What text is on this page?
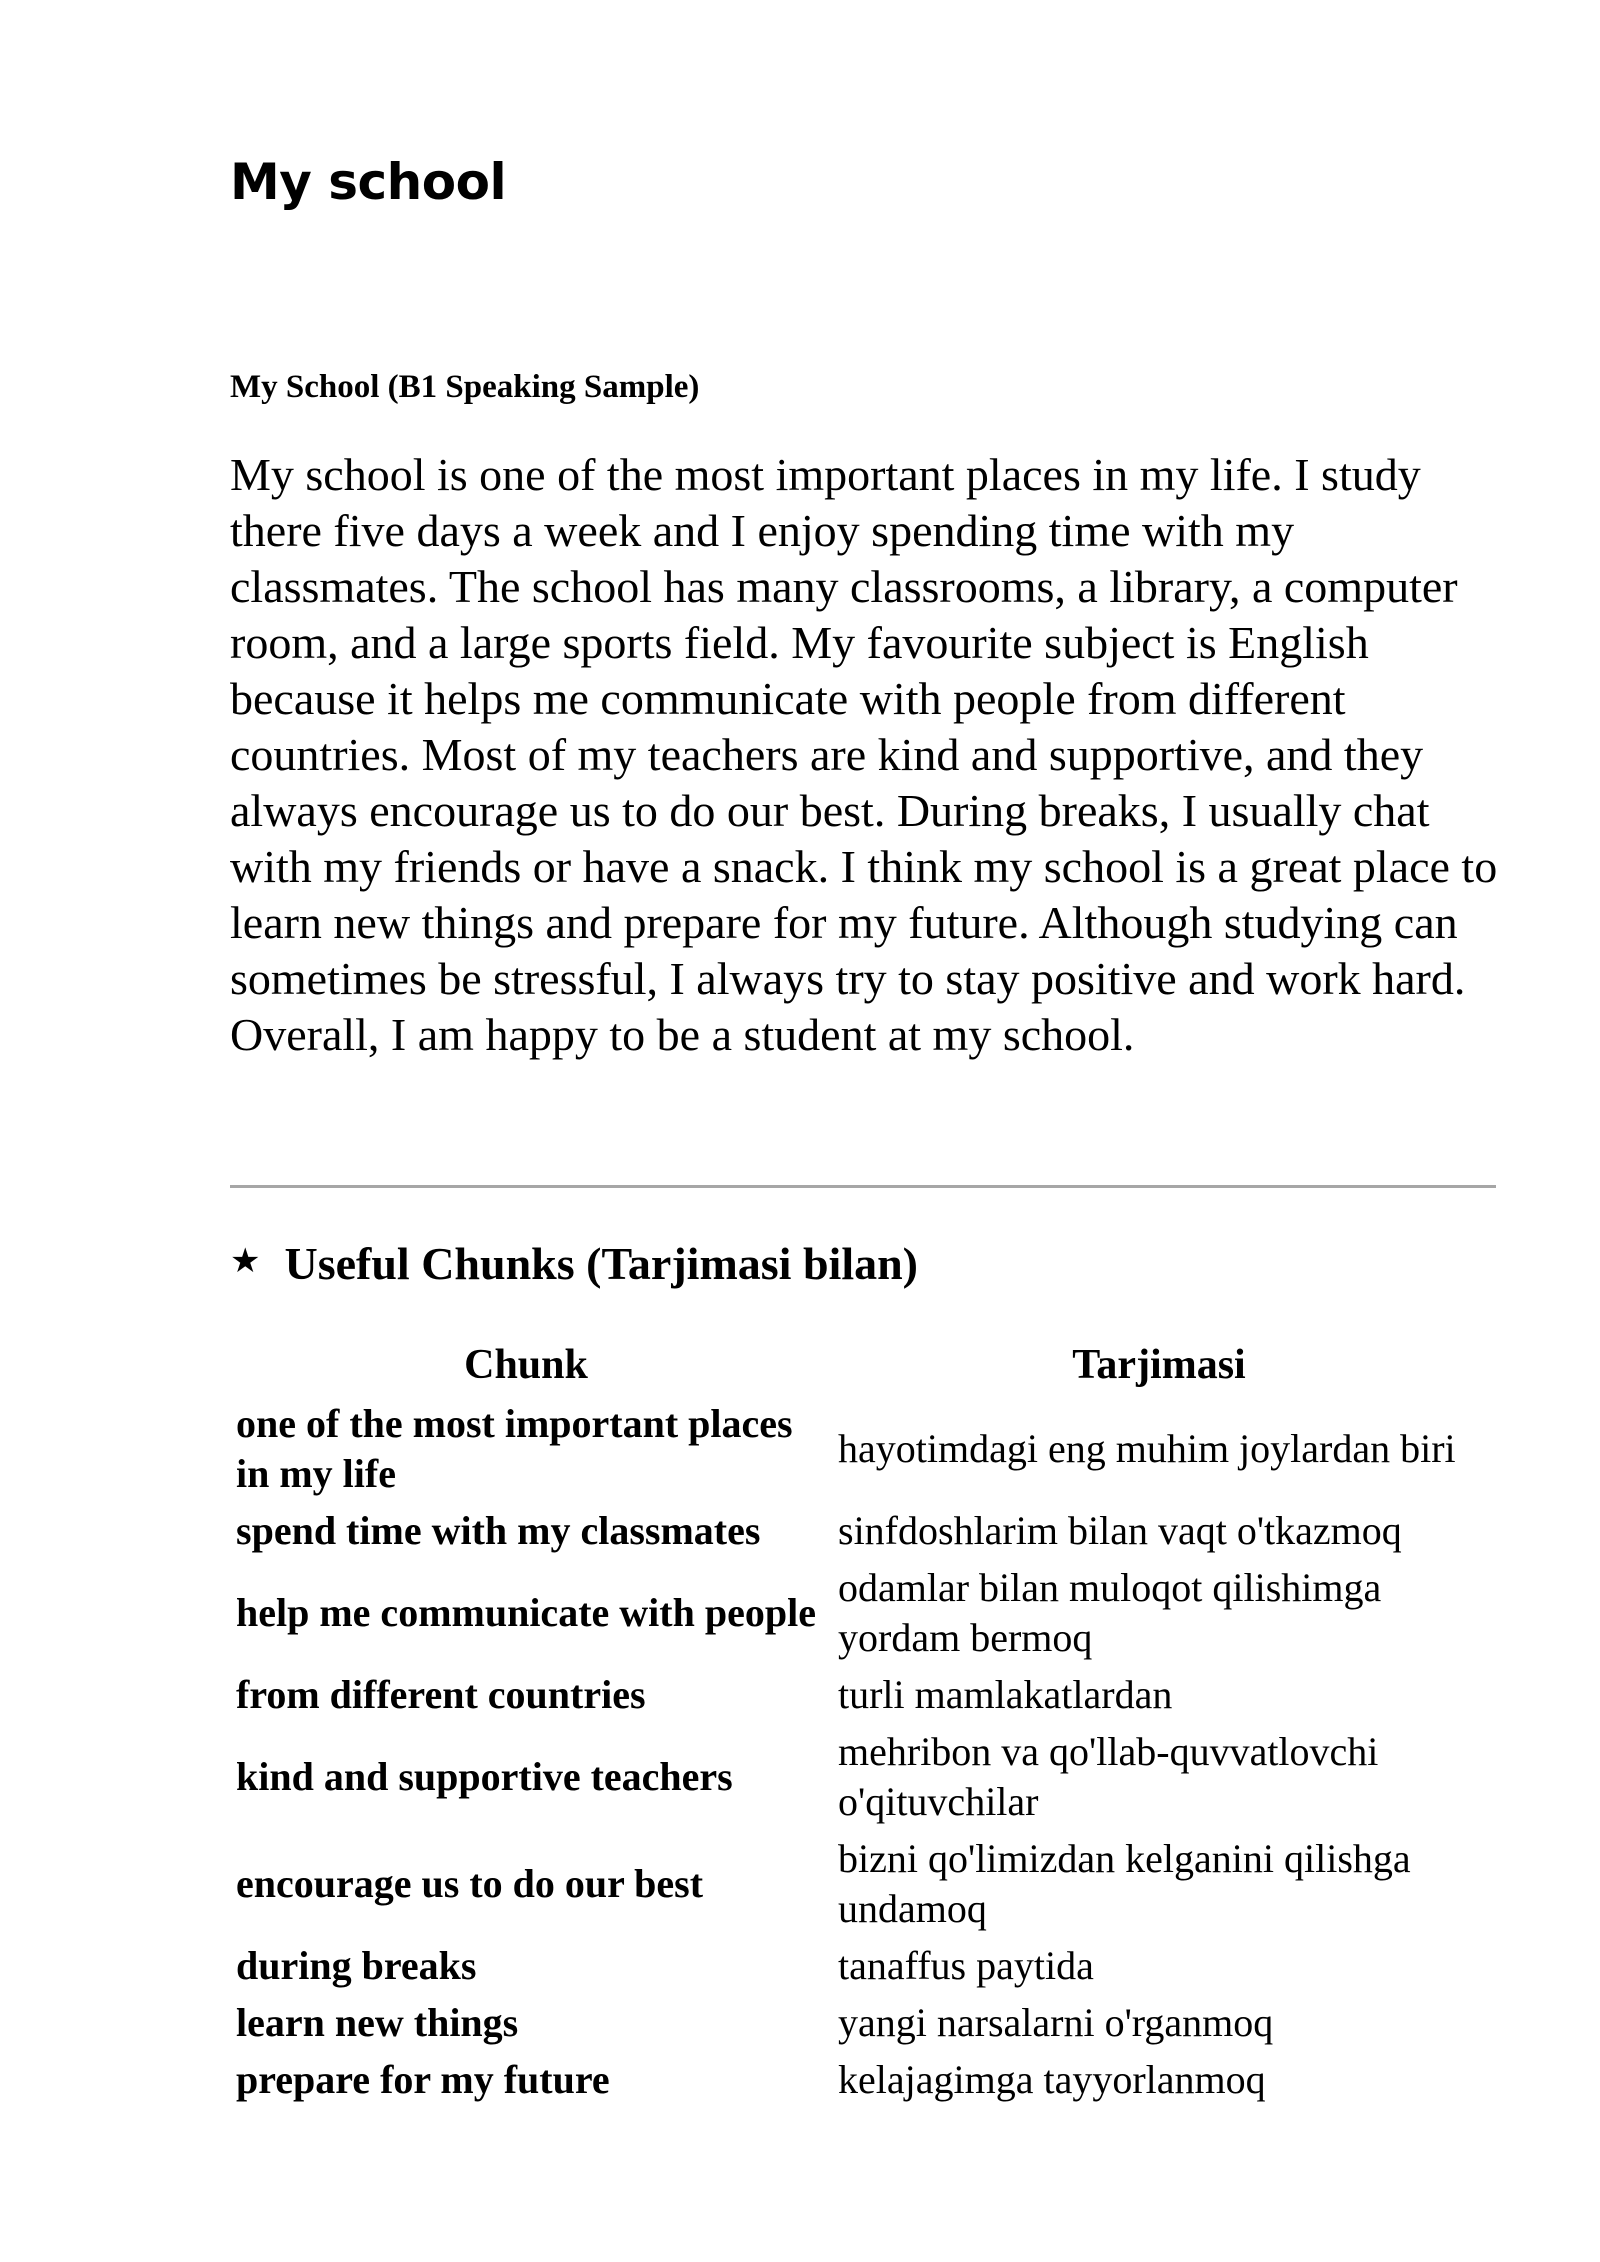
My school
My School (B1 Speaking Sample)

My school is one of the most important places in my life. I study there five days a week and I enjoy spending time with my classmates. The school has many classrooms, a library, a computer room, and a large sports field. My favourite subject is English because it helps me communicate with people from different countries. Most of my teachers are kind and supportive, and they always encourage us to do our best. During breaks, I usually chat with my friends or have a snack. I think my school is a great place to learn new things and prepare for my future. Although studying can sometimes be stressful, I always try to stay positive and work hard. Overall, I am happy to be a student at my school.

★ Useful Chunks (Tarjimasi bilan)
Chunk	Tarjimasi
one of the most important places in my life	hayotimdagi eng muhim joylardan biri
spend time with my classmates	sinfdoshlarim bilan vaqt o'tkazmoq
help me communicate with people	odamlar bilan muloqot qilishimga yordam bermoq
from different countries	turli mamlakatlardan
kind and supportive teachers	mehribon va qo'llab-quvvatlovchi o'qituvchilar
encourage us to do our best	bizni qo'limizdan kelganini qilishga undamoq
during breaks	tanaffus paytida
learn new things	yangi narsalarni o'rganmoq
prepare for my future	kelajagimga tayyorlanmoq
